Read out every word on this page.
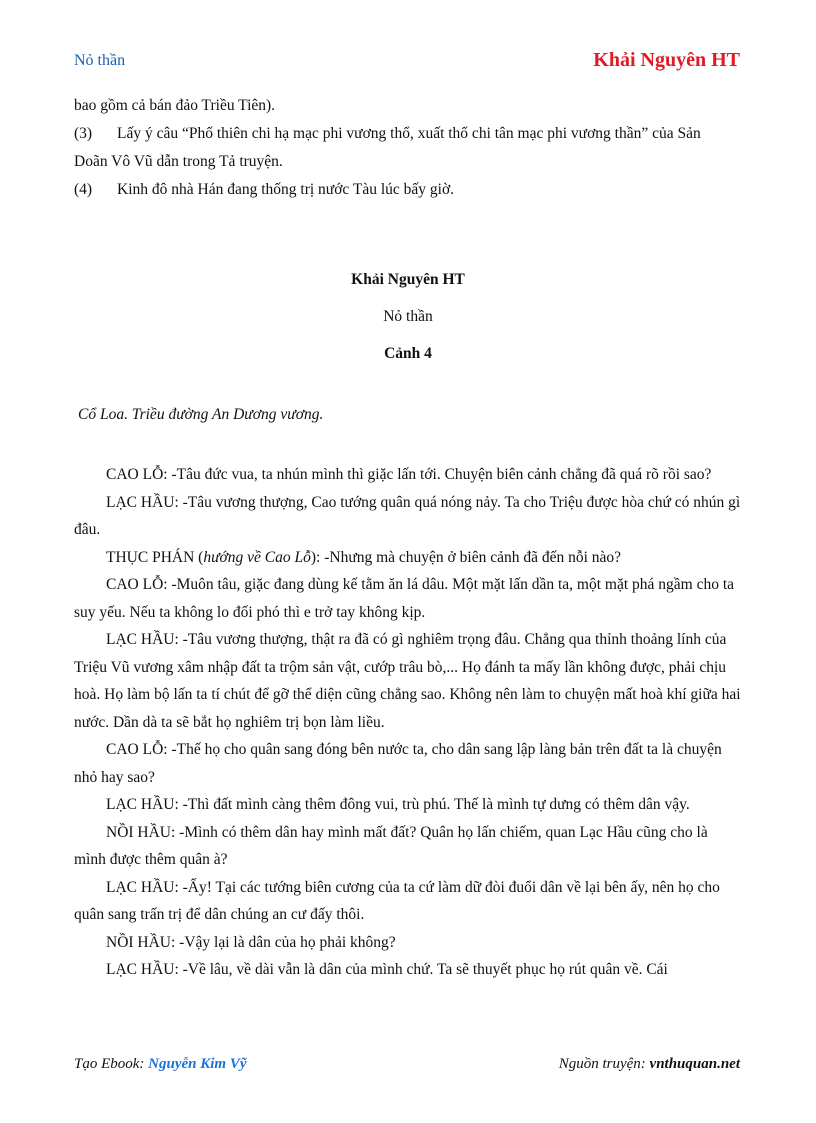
Nỏ thần	Khải Nguyên HT
bao gồm cả bán đảo Triều Tiên).
(3) Lấy ý câu “Phổ thiên chi hạ mạc phi vương thổ, xuất thổ chi tân mạc phi vương thần” của Sản
Doãn Vô Vũ dẫn trong Tả truyện.
(4) Kinh đô nhà Hán đang thống trị nước Tàu lúc bấy giờ.
Khải Nguyên HT
Nỏ thần
Cảnh 4
Cổ Loa. Triều đường An Dương vương.

CAO LỖ: -Tâu đức vua, ta nhún mình thì giặc lấn tới. Chuyện biên cảnh chẳng đã quá rõ rồi sao?

LẠC HẦU: -Tâu vương thượng, Cao tướng quân quá nóng nảy. Ta cho Triệu được hòa chứ có nhún gì đâu.

THỤC PHÁN (hướng về Cao Lỗ): -Nhưng mà chuyện ở biên cảnh đã đến nỗi nào?

CAO LỖ: -Muôn tâu, giặc đang dùng kế tằm ăn lá dâu. Một mặt lấn dần ta, một mặt phá ngầm cho ta suy yếu. Nếu ta không lo đối phó thì e trở tay không kịp.

LẠC HẦU: -Tâu vương thượng, thật ra đã có gì nghiêm trọng đâu. Chẳng qua thỉnh thoảng lính của Triệu Vũ vương xâm nhập đất ta trộm sản vật, cướp trâu bò,... Họ đánh ta mấy lần không được, phải chịu hoà. Họ làm bộ lấn ta tí chút để gỡ thể diện cũng chẳng sao. Không nên làm to chuyện mất hoà khí giữa hai nước. Dần dà ta sẽ bắt họ nghiêm trị bọn làm liều.

CAO LỖ: -Thế họ cho quân sang đóng bên nước ta, cho dân sang lập làng bản trên đất ta là chuyện nhỏ hay sao?

LẠC HẦU: -Thì đất mình càng thêm đông vui, trù phú. Thế là mình tự dưng có thêm dân vậy.

NỒI HẦU: -Mình có thêm dân hay mình mất đất? Quân họ lấn chiếm, quan Lạc Hầu cũng cho là mình được thêm quân à?

LẠC HẦU: -Ấy! Tại các tướng biên cương của ta cứ làm dữ đòi đuổi dân về lại bên ấy, nên họ cho quân sang trấn trị để dân chúng an cư đấy thôi.

NỒI HẦU: -Vậy lại là dân của họ phải không?

LẠC HẦU: -Về lâu, về dài vẫn là dân của mình chứ. Ta sẽ thuyết phục họ rút quân về. Cái

Tạo Ebook: Nguyễn Kim Vỹ	Nguồn truyện: vnthuquan.net
